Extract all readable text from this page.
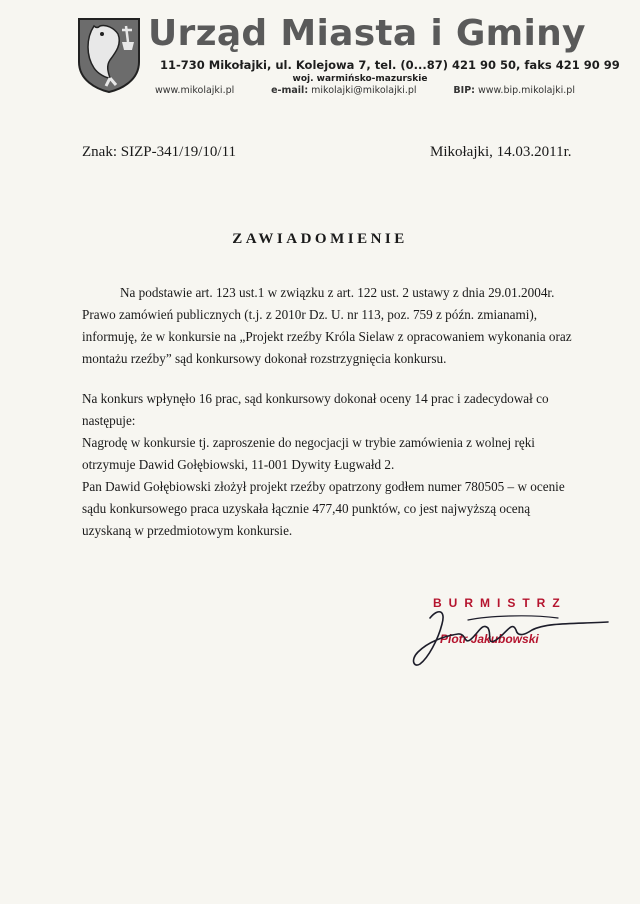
Urząd Miasta i Gminy
11-730 Mikołajki, ul. Kolejowa 7, tel. (0...87) 421 90 50, faks 421 90 99
woj. warmińsko-mazurskie
www.mikolajki.pl	e-mail: mikolajki@mikolajki.pl	BIP: www.bip.mikolajki.pl
Znak: SIZP-341/19/10/11	Mikołajki, 14.03.2011r.
ZAWIADOMIENIE

Na podstawie art. 123 ust.1 w związku z art. 122 ust. 2 ustawy z dnia 29.01.2004r.

Prawo zamówień publicznych (t.j. z 2010r Dz. U. nr 113, poz. 759 z późn. zmianami),

informuję, że w konkursie na „Projekt rzeźby Króla Sielaw z opracowaniem wykonania oraz

montażu rzeźby” sąd konkursowy dokonał rozstrzygnięcia konkursu.

Na konkurs wpłynęło 16 prac, sąd konkursowy dokonał oceny 14 prac i zadecydował co

następuje:

Nagrodę w konkursie tj. zaproszenie do negocjacji w trybie zamówienia z wolnej ręki

otrzymuje Dawid Gołębiowski, 11-001 Dywity Ługwałd 2.

Pan Dawid Gołębiowski złożył projekt rzeźby opatrzony godłem numer 780505 – w ocenie

sądu konkursowego praca uzyskała łącznie 477,40 punktów, co jest najwyższą oceną

uzyskaną w przedmiotowym konkursie.

BURMISTRZ
Piotr Jakubowski
